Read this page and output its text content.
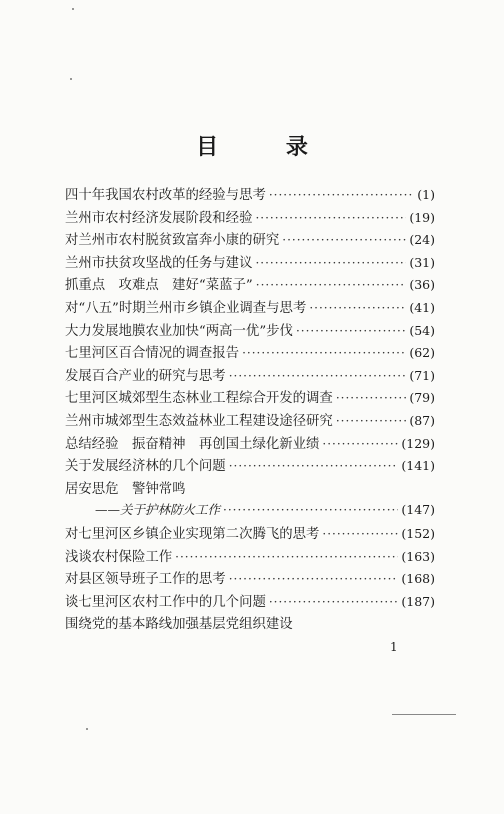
目 录
四十年我国农村改革的经验与思考 ·····	(1)
兰州市农村经济发展阶段和经验 ·····	(19)
对兰州市农村脱贫致富奔小康的研究 ·····	(24)
兰州市扶贫攻坚战的任务与建议 ·····	(31)
抓重点　攻难点　建好“菜蓝子” ·····	(36)
对“八五”时期兰州市乡镇企业调查与思考 ·····	(41)
大力发展地膜农业加快“两高一优”步伐 ·····	(54)
七里河区百合情况的调查报告 ·····	(62)
发展百合产业的研究与思考 ·····	(71)
七里河区城郊型生态林业工程综合开发的调查 ·····	(79)
兰州市城郊型生态效益林业工程建设途径研究 ·····	(87)
总结经验　振奋精神　再创国土绿化新业绩 ·····	(129)
关于发展经济林的几个问题 ·····	(141)
居安思危　警钟常鸣
——关于护林防火工作 ·····	(147)
对七里河区乡镇企业实现第二次腾飞的思考 ·····	(152)
浅谈农村保险工作 ·····	(163)
对县区领导班子工作的思考 ·····	(168)
谈七里河区农村工作中的几个问题 ·····	(187)
围绕党的基本路线加强基层党组织建设
1
